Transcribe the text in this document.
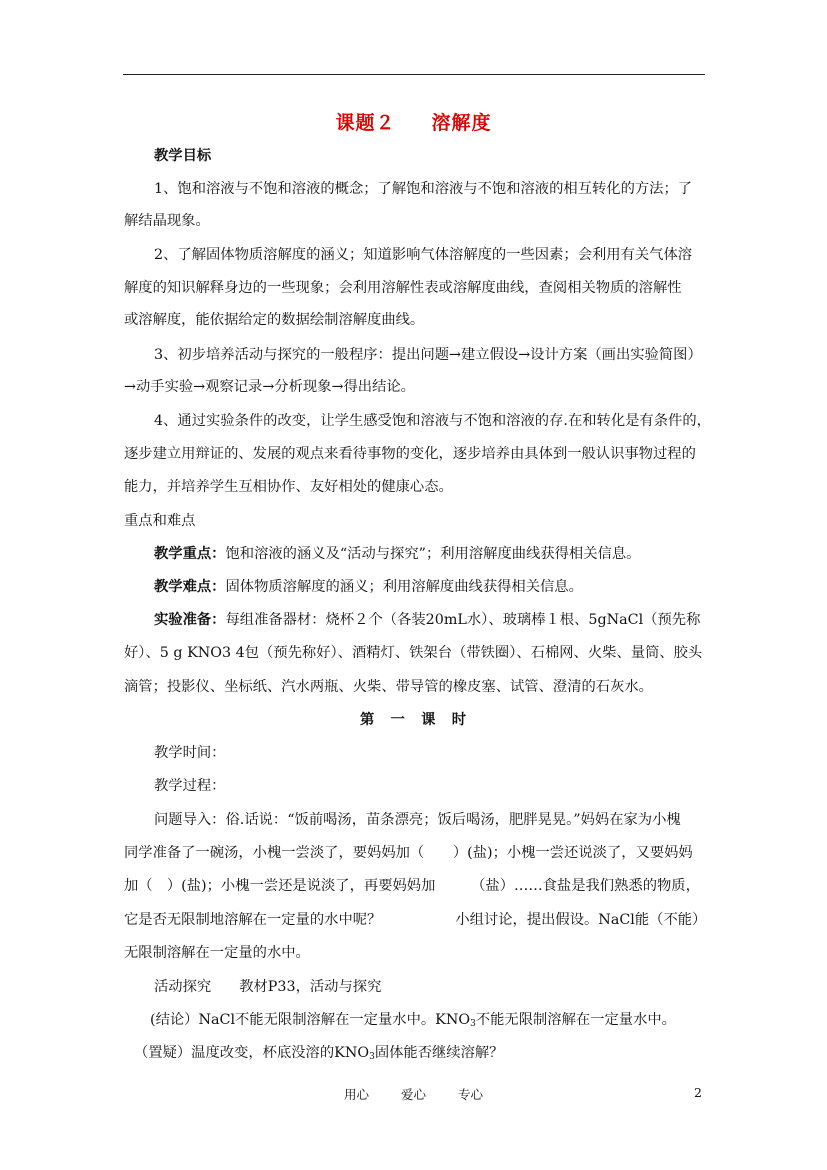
课题２ 溶解度
教学目标
1、饱和溶液与不饱和溶液的概念；了解饱和溶液与不饱和溶液的相互转化的方法；了
解结晶现象。
2、了解固体物质溶解度的涵义；知道影响气体溶解度的一些因素；会利用有关气体溶
解度的知识解释身边的一些现象；会利用溶解性表或溶解度曲线，查阅相关物质的溶解性
或溶解度，能依据给定的数据绘制溶解度曲线。
3、初步培养活动与探究的一般程序：提出问题→建立假设→设计方案（画出实验简图）
→动手实验→观察记录→分析现象→得出结论。
4、通过实验条件的改变，让学生感受饱和溶液与不饱和溶液的存.在和转化是有条件的，
逐步建立用辩证的、发展的观点来看待事物的变化，逐步培养由具体到一般认识事物过程的
能力，并培养学生互相协作、友好相处的健康心态。
重点和难点
教学重点：饱和溶液的涵义及“活动与探究”；利用溶解度曲线获得相关信息。
教学难点：固体物质溶解度的涵义；利用溶解度曲线获得相关信息。
实验准备：每组准备器材：烧杯２个（各装20mL水）、玻璃棒１根、5gNaCl（预先称
好）、5 g KNO3 4包（预先称好）、酒精灯、铁架台（带铁圈）、石棉网、火柴、量筒、胶头
滴管；投影仪、坐标纸、汽水两瓶、火柴、带导管的橡皮塞、试管、澄清的石灰水。
第　一　课　时
教学时间：
教学过程：
问题导入：俗.话说：“饭前喝汤，苗条漂亮；饭后喝汤，肥胖晃晃。”妈妈在家为小槐
同学准备了一碗汤，小槐一尝淡了，要妈妈加（　　）(盐)；小槐一尝还说淡了，又要妈妈
加（　）(盐)；小槐一尝还是说淡了，再要妈妈加　　　（盐）……食盐是我们熟悉的物质，
它是否无限制地溶解在一定量的水中呢？	小组讨论，提出假设。NaCl能（不能）
无限制溶解在一定量的水中。
活动探究 教材P33，活动与探究
(结论）NaCl不能无限制溶解在一定量水中。$KNO_3$不能无限制溶解在一定量水中。
（置疑）温度改变，杯底没溶的$KNO_3$固体能否继续溶解？
用心	爱心	专心	2
